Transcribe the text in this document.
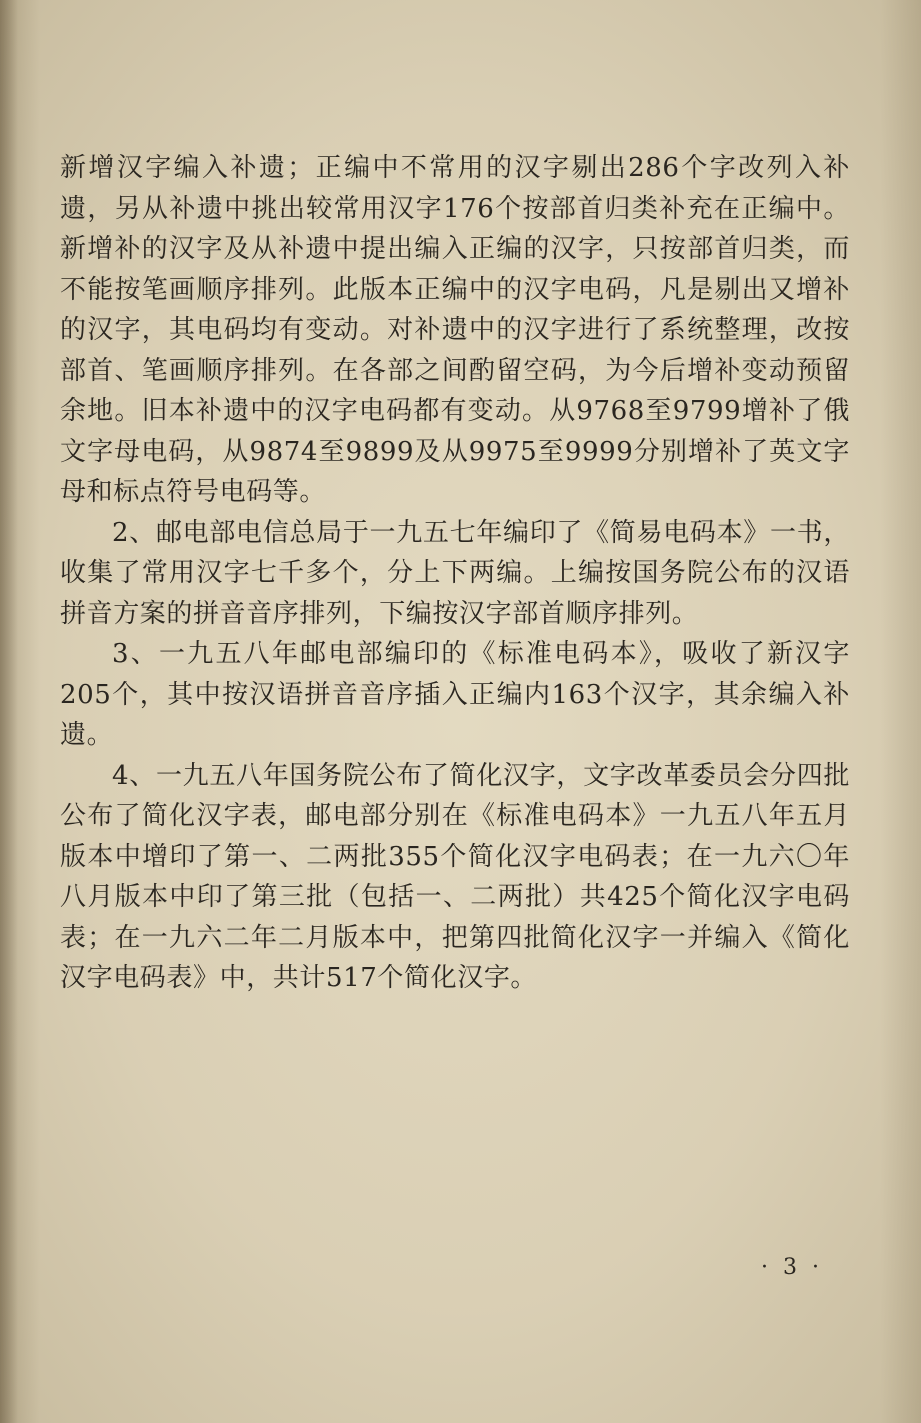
新增汉字编入补遗；正编中不常用的汉字剔出286个字改列入补遗，另从补遗中挑出较常用汉字176个按部首归类补充在正编中。新增补的汉字及从补遗中提出编入正编的汉字，只按部首归类，而不能按笔画顺序排列。此版本正编中的汉字电码，凡是剔出又增补的汉字，其电码均有变动。对补遗中的汉字进行了系统整理，改按部首、笔画顺序排列。在各部之间酌留空码，为今后增补变动预留余地。旧本补遗中的汉字电码都有变动。从9768至9799增补了俄文字母电码，从9874至9899及从9975至9999分别增补了英文字母和标点符号电码等。

2、邮电部电信总局于一九五七年编印了《简易电码本》一书，收集了常用汉字七千多个，分上下两编。上编按国务院公布的汉语拼音方案的拼音音序排列，下编按汉字部首顺序排列。

3、一九五八年邮电部编印的《标准电码本》，吸收了新汉字205个，其中按汉语拼音音序插入正编内163个汉字，其余编入补遗。

4、一九五八年国务院公布了简化汉字，文字改革委员会分四批公布了简化汉字表，邮电部分别在《标准电码本》一九五八年五月版本中增印了第一、二两批355个简化汉字电码表；在一九六〇年八月版本中印了第三批（包括一、二两批）共425个简化汉字电码表；在一九六二年二月版本中，把第四批简化汉字一并编入《简化汉字电码表》中，共计517个简化汉字。

· 3 ·
